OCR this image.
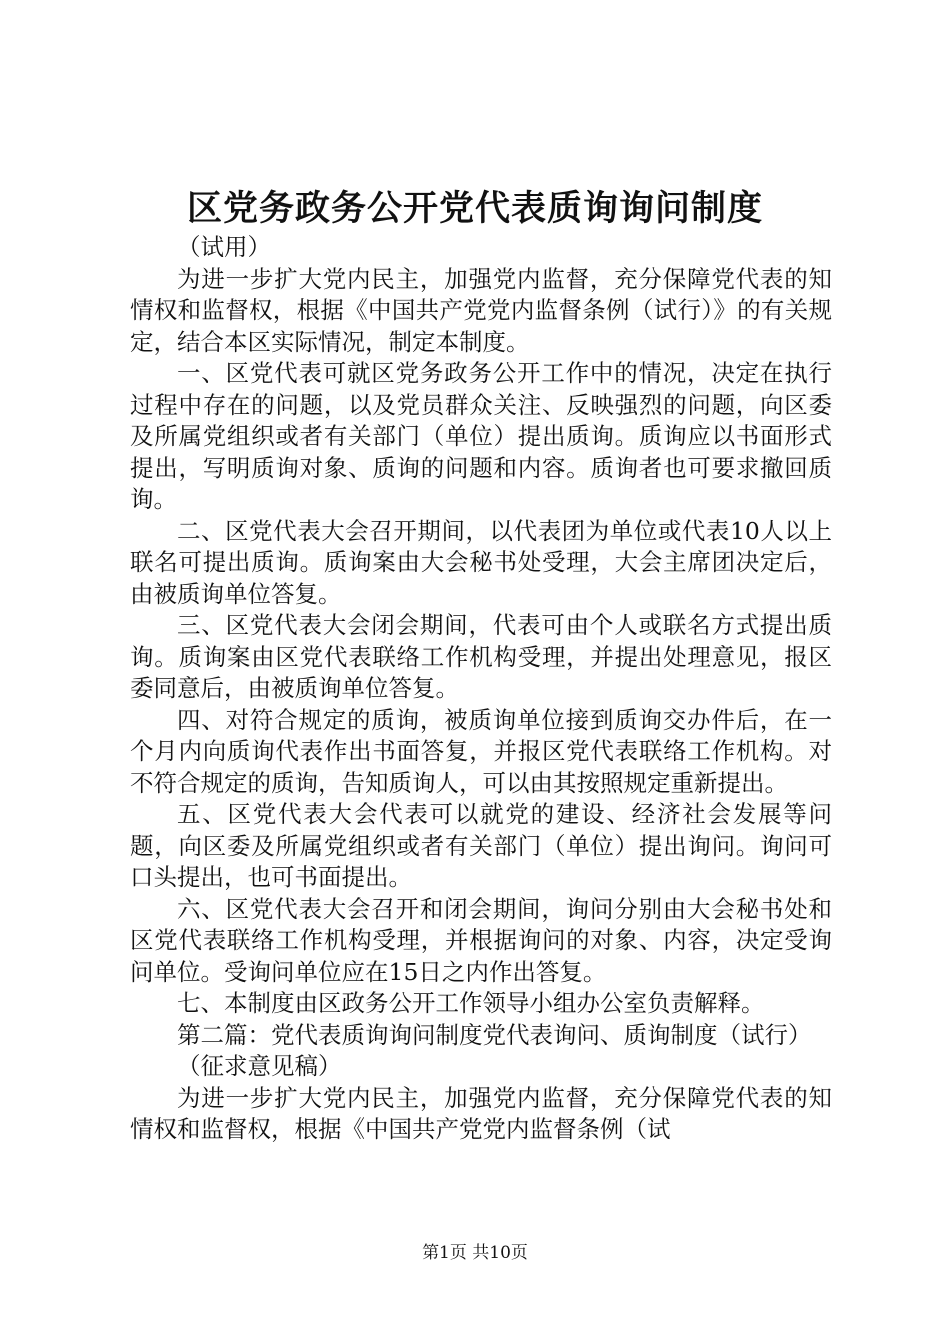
区党务政务公开党代表质询询问制度

（试用）

为进一步扩大党内民主，加强党内监督，充分保障党代表的知情权和监督权，根据《中国共产党党内监督条例（试行）》的有关规定，结合本区实际情况，制定本制度。

一、区党代表可就区党务政务公开工作中的情况，决定在执行过程中存在的问题，以及党员群众关注、反映强烈的问题，向区委及所属党组织或者有关部门（单位）提出质询。质询应以书面形式提出，写明质询对象、质询的问题和内容。质询者也可要求撤回质询。

二、区党代表大会召开期间，以代表团为单位或代表10人以上联名可提出质询。质询案由大会秘书处受理，大会主席团决定后，由被质询单位答复。

三、区党代表大会闭会期间，代表可由个人或联名方式提出质询。质询案由区党代表联络工作机构受理，并提出处理意见，报区委同意后，由被质询单位答复。

四、对符合规定的质询，被质询单位接到质询交办件后，在一个月内向质询代表作出书面答复，并报区党代表联络工作机构。对不符合规定的质询，告知质询人，可以由其按照规定重新提出。

五、区党代表大会代表可以就党的建设、经济社会发展等问题，向区委及所属党组织或者有关部门（单位）提出询问。询问可口头提出，也可书面提出。

六、区党代表大会召开和闭会期间，询问分别由大会秘书处和区党代表联络工作机构受理，并根据询问的对象、内容，决定受询问单位。受询问单位应在15日之内作出答复。

七、本制度由区政务公开工作领导小组办公室负责解释。

第二篇：党代表质询询问制度党代表询问、质询制度（试行）

（征求意见稿）

为进一步扩大党内民主，加强党内监督，充分保障党代表的知情权和监督权，根据《中国共产党党内监督条例（试

第1页 共10页
